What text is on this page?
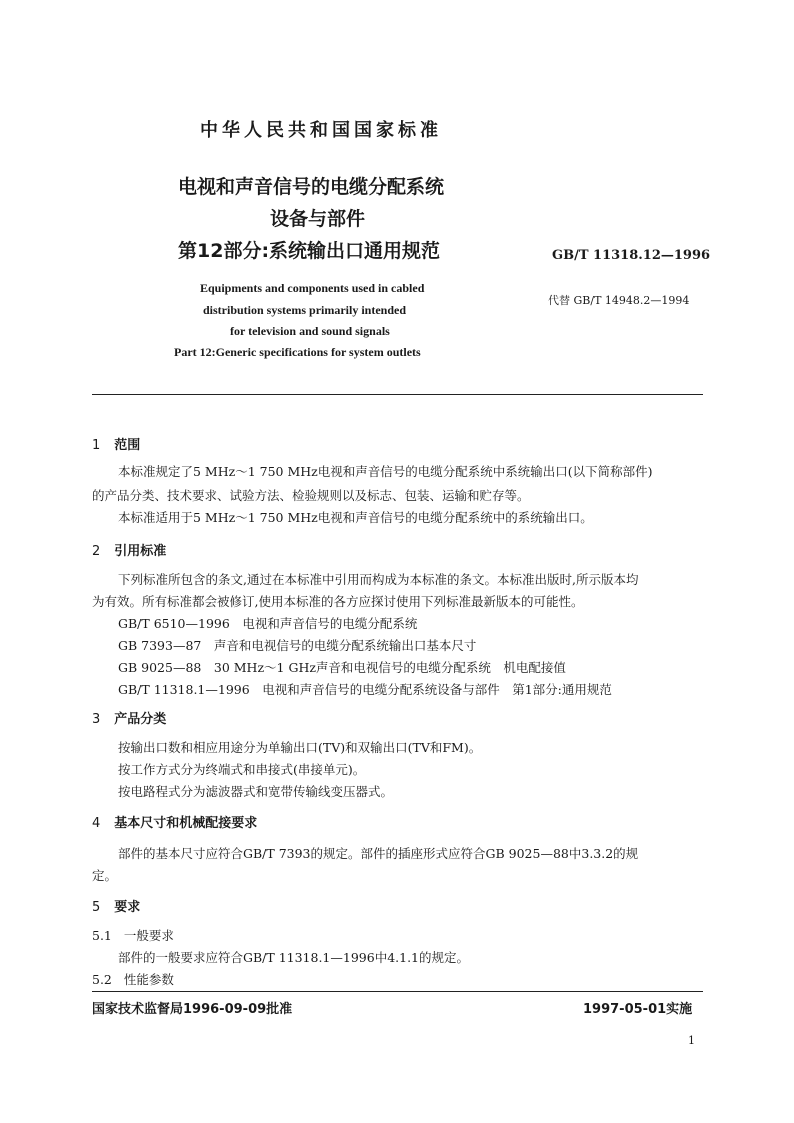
中华人民共和国国家标准
电视和声音信号的电缆分配系统
设备与部件
第12部分:系统输出口通用规范	GB/T 11318.12—1996
代替 GB/T 14948.2—1994
Equipments and components used in cabled
distribution systems primarily intended
for television and sound signals
Part 12:Generic specifications for system outlets
1 范围
本标准规定了5 MHz～1 750 MHz电视和声音信号的电缆分配系统中系统输出口(以下简称部件)
的产品分类、技术要求、试验方法、检验规则以及标志、包装、运输和贮存等。
本标准适用于5 MHz～1 750 MHz电视和声音信号的电缆分配系统中的系统输出口。
2 引用标准
下列标准所包含的条文,通过在本标准中引用而构成为本标准的条文。本标准出版时,所示版本均
为有效。所有标准都会被修订,使用本标准的各方应探讨使用下列标准最新版本的可能性。
GB/T 6510—1996　电视和声音信号的电缆分配系统
GB 7393—87　声音和电视信号的电缆分配系统输出口基本尺寸
GB 9025—88　30 MHz～1 GHz声音和电视信号的电缆分配系统　机电配接值
GB/T 11318.1—1996　电视和声音信号的电缆分配系统设备与部件　第1部分:通用规范
3 产品分类
按输出口数和相应用途分为单输出口(TV)和双输出口(TV和FM)。
按工作方式分为终端式和串接式(串接单元)。
按电路程式分为滤波器式和宽带传输线变压器式。
4 基本尺寸和机械配接要求
部件的基本尺寸应符合GB/T 7393的规定。部件的插座形式应符合GB 9025—88中3.3.2的规
定。
5 要求
5.1 一般要求
部件的一般要求应符合GB/T 11318.1—1996中4.1.1的规定。
5.2 性能参数
国家技术监督局1996-09-09批准	1997-05-01实施
1
